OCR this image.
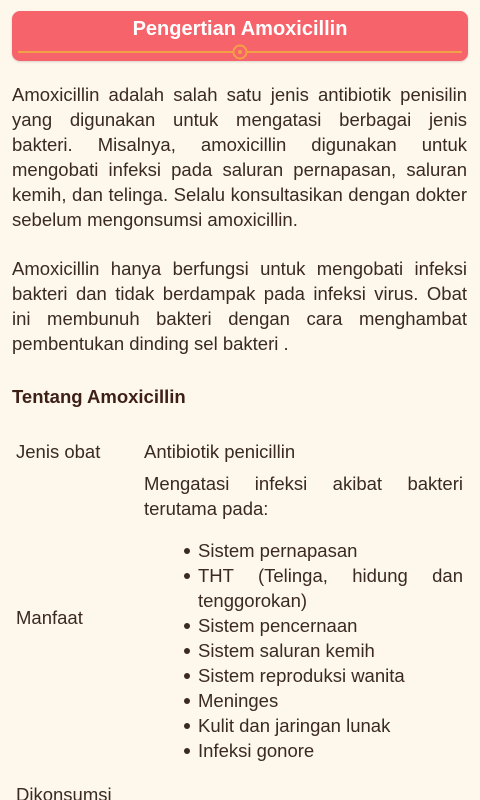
Pengertian Amoxicillin

Amoxicillin adalah salah satu jenis antibiotik penisilin yang digunakan untuk mengatasi berbagai jenis bakteri. Misalnya, amoxicillin digunakan untuk mengobati infeksi pada saluran pernapasan, saluran kemih, dan telinga. Selalu konsultasikan dengan dokter sebelum mengonsumsi amoxicillin.

Amoxicillin hanya berfungsi untuk mengobati infeksi bakteri dan tidak berdampak pada infeksi virus. Obat ini membunuh bakteri dengan cara menghambat pembentukan dinding sel bakteri .

Tentang Amoxicillin
Jenis obat	Antibiotik penicillin
Manfaat
Mengatasi infeksi akibat bakteri
terutama pada:
Sistem pernapasan
THT (Telinga, hidung dan tenggorokan)
Sistem pencernaan
Sistem saluran kemih
Sistem reproduksi wanita
Meninges
Kulit dan jaringan lunak
Infeksi gonore
Dikonsumsi
